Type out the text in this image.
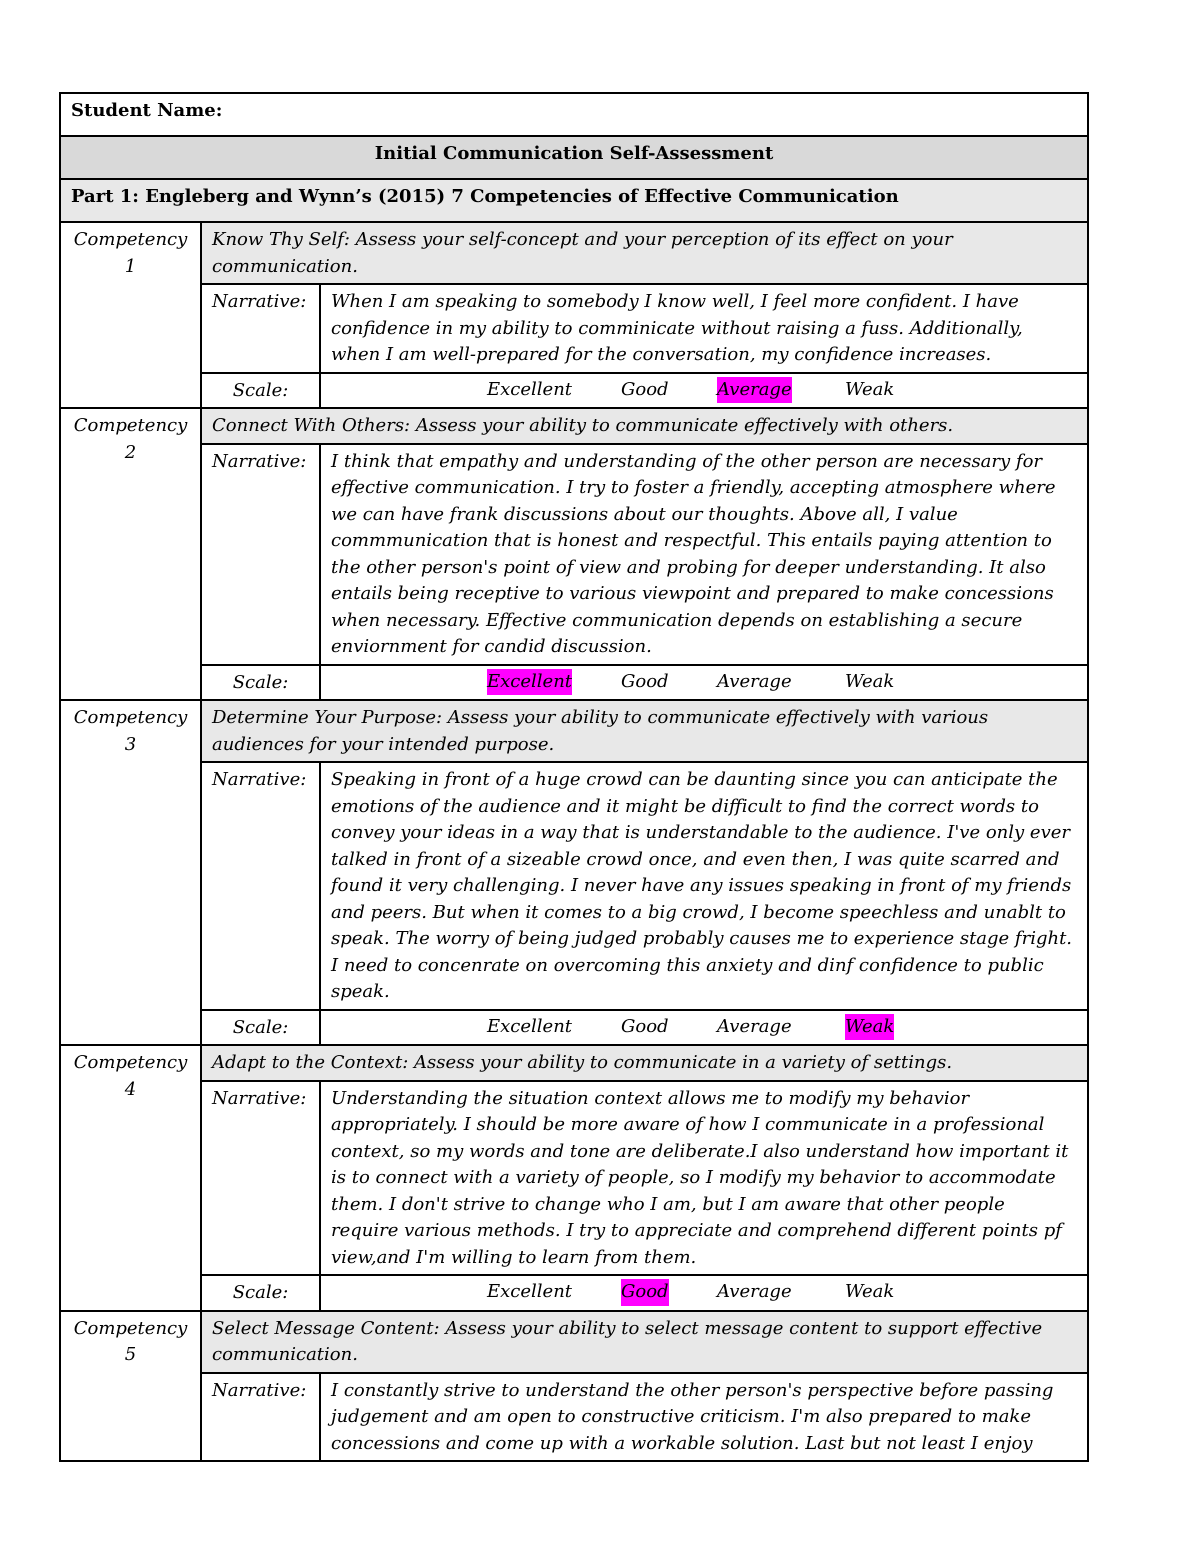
Student Name:		
Initial Communication Self-Assessment		
Part 1: Engleberg and Wynn’s (2015) 7 Competencies of Effective Communication		

Competency
1	Know Thy Self: Assess your self-concept and your perception of its effect on your communication.	
	Narrative:	When I am speaking to somebody I know well, I feel more confident. I have confidence in my ability to comminicate without raising a fuss. Additionally, when I am well-prepared for the conversation, my confidence increases.
	Scale:	Excellent Good Average Weak

Competency
2	Connect With Others: Assess your ability to communicate effectively with others.	
	Narrative:	I think that empathy and understanding of the other person are necessary for effective communication. I try to foster a friendly, accepting atmosphere where we can have frank discussions about our thoughts. Above all, I value commmunication that is honest and respectful. This entails paying attention to the other person's point of view and probing for deeper understanding. It also entails being receptive to various viewpoint and prepared to make concessions when necessary. Effective communication depends on establishing a secure enviornment for candid discussion.
	Scale:	Excellent Good Average Weak

Competency
3	Determine Your Purpose: Assess your ability to communicate effectively with various audiences for your intended purpose.	
	Narrative:	Speaking in front of a huge crowd can be daunting since you can anticipate the emotions of the audience and it might be difficult to find the correct words to convey your ideas in a way that is understandable to the audience. I've only ever talked in front of a sizeable crowd once, and even then, I was quite scarred and found it very challenging. I never have any issues speaking in front of my friends and peers. But when it comes to a big crowd, I become speechless and unablt to speak. The worry of being judged probably causes me to experience stage fright. I need to concenrate on overcoming this anxiety and dinf confidence to public speak.
	Scale:	Excellent Good Average Weak

Competency
4	Adapt to the Context: Assess your ability to communicate in a variety of settings.	
	Narrative:	Understanding the situation context allows me to modify my behavior appropriately. I should be more aware of how I communicate in a professional context, so my words and tone are deliberate.I also understand how important it is to connect with a variety of people, so I modify my behavior to accommodate them. I don't strive to change who I am, but I am aware that other people require various methods. I try to appreciate and comprehend different points pf view,and I'm willing to learn from them.
	Scale:	Excellent Good Average Weak

Competency
5	Select Message Content: Assess your ability to select message content to support effective communication.	
	Narrative:	I constantly strive to understand the other person's perspective before passing judgement and am open to constructive criticism. I'm also prepared to make concessions and come up with a workable solution. Last but not least I enjoy
